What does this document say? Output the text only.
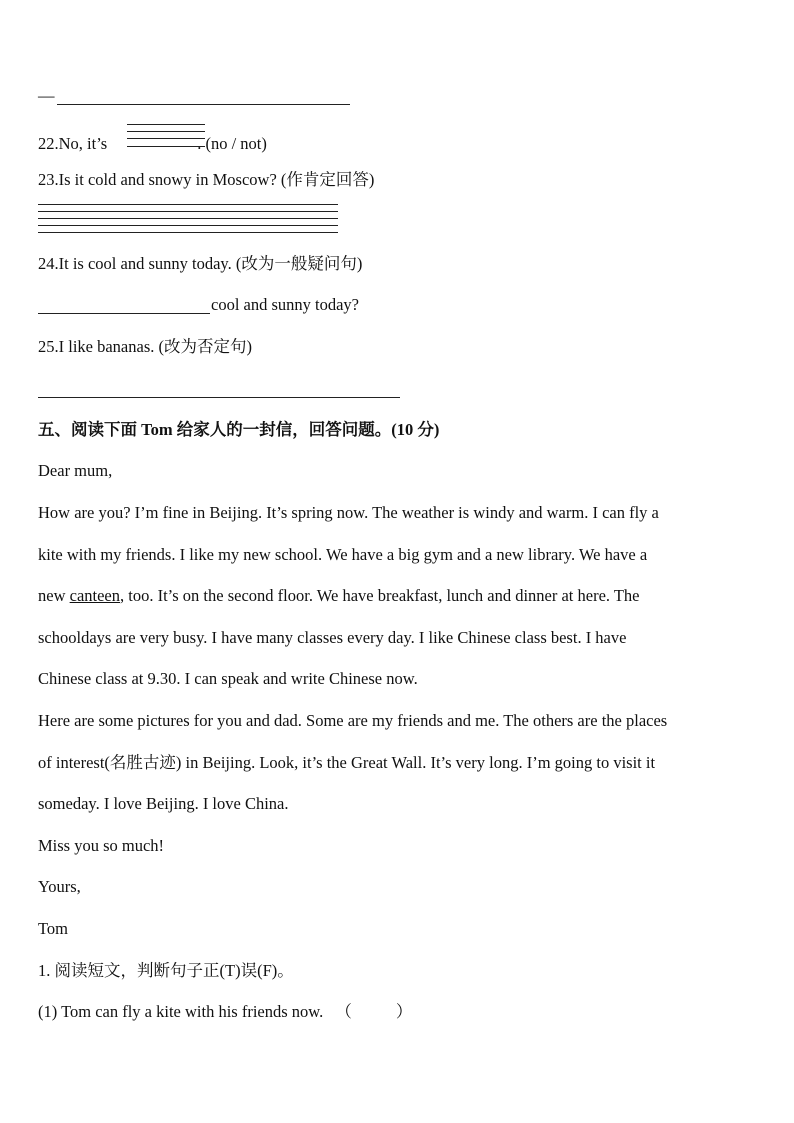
—
22.No, it’s	. (no / not)
23.Is it cold and snowy in Moscow? (作肯定回答)
24.It is cool and sunny today. (改为一般疑问句)
cool and sunny today?
25.I like bananas. (改为否定句)
五、阅读下面 Tom 给家人的一封信，回答问题。(10 分)
Dear mum,
How are you? I’m fine in Beijing. It’s spring now. The weather is windy and warm. I can fly a
kite with my friends. I like my new school. We have a big gym and a new library. We have a
new canteen, too. It’s on the second floor. We have breakfast, lunch and dinner at here. The
schooldays are very busy. I have many classes every day. I like Chinese class best. I have
Chinese class at 9.30. I can speak and write Chinese now.
Here are some pictures for you and dad. Some are my friends and me. The others are the places
of interest(名胜古迹) in Beijing. Look, it’s the Great Wall. It’s very long. I’m going to visit it
someday. I love Beijing. I love China.
Miss you so much!
Yours,
Tom
1. 阅读短文，判断句子正(T)误(F)。
(1) Tom can fly a kite with his friends now. （	）
